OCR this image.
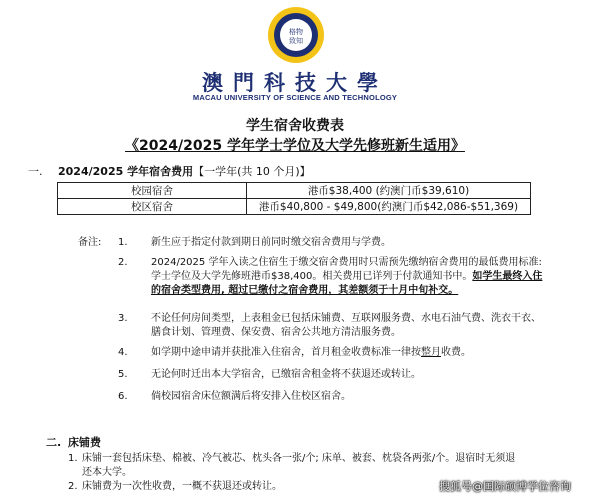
格物
致知
澳門科技大學
MACAU UNIVERSITY OF SCIENCE AND TECHNOLOGY
学生宿舍收费表
《2024/2025 学年学士学位及大学先修班新生适用》
一. 2024/2025 学年宿舍费用【一学年(共 10 个月)】
校园宿舍	港币$38,400 (约澳门币$39,610)
校区宿舍	港币$40,800 - $49,800(约澳门币$42,086-$51,369)
备注: 1. 新生应于指定付款到期日前同时缴交宿舍费用与学费。
2. 2024/2025 学年入读之住宿生于缴交宿舍费用时只需预先缴纳宿舍费用的最低费用标准:学士学位及大学先修班港币$38,400。相关费用已详列于付款通知书中。如学生最终入住的宿舍类型费用, 超过已缴付之宿舍费用，其差额须于十月中旬补交。
3. 不论任何房间类型，上表租金已包括床铺费、互联网服务费、水电石油气费、洗衣干衣、膳食计划、管理费、保安费、宿舍公共地方清洁服务费。
4. 如学期中途申请并获批准入住宿舍，首月租金收费标准一律按整月收费。
5. 无论何时迁出本大学宿舍，已缴宿舍租金将不获退还或转让。
6. 倘校园宿舍床位额满后将安排入住校区宿舍。
二. 床铺费
1. 床铺一套包括床垫、棉被、冷气被芯、枕头各一张/个; 床单、被套、枕袋各两张/个。退宿时无须退还本大学。
2. 床铺费为一次性收费，一概不获退还或转让。	搜狐号@国际硕博学位咨询
